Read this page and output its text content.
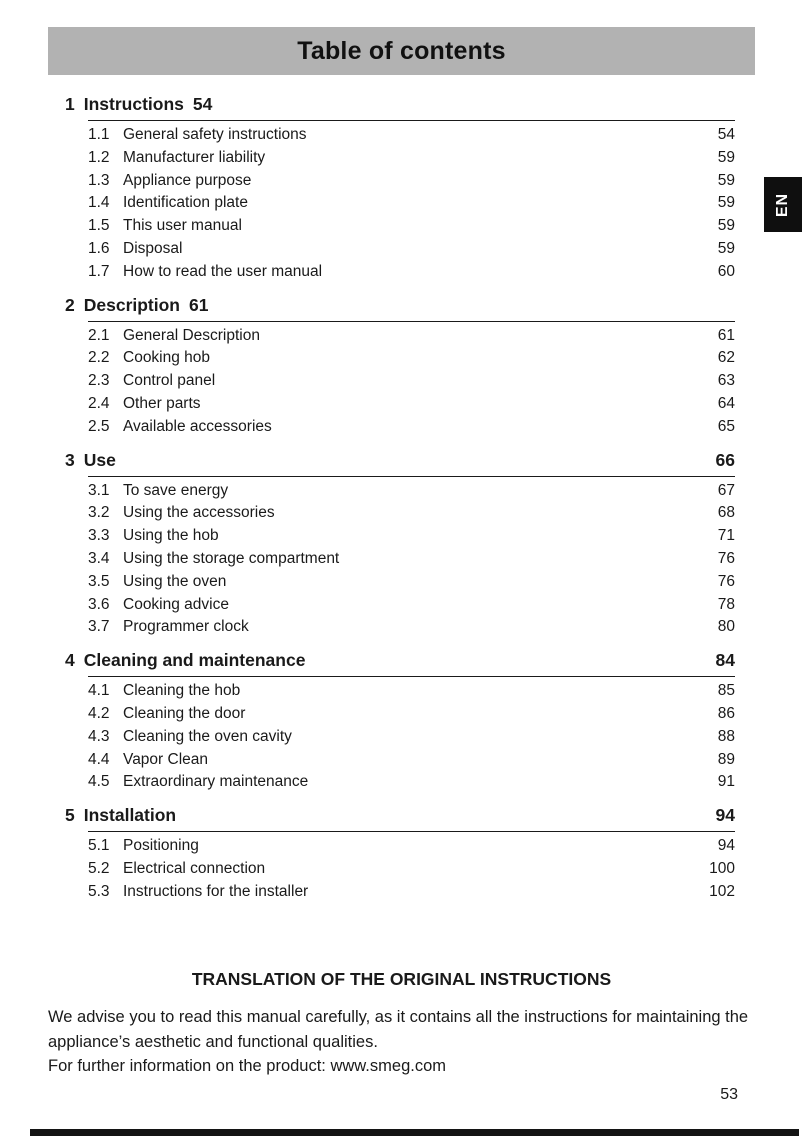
Table of contents
EN
1 Instructions 54
1.1 General safety instructions	54
1.2 Manufacturer liability	59
1.3 Appliance purpose	59
1.4 Identification plate	59
1.5 This user manual	59
1.6 Disposal	59
1.7 How to read the user manual	60
2 Description 61
2.1 General Description	61
2.2 Cooking hob	62
2.3 Control panel	63
2.4 Other parts	64
2.5 Available accessories	65
3 Use	66
3.1 To save energy	67
3.2 Using the accessories	68
3.3 Using the hob	71
3.4 Using the storage compartment	76
3.5 Using the oven	76
3.6 Cooking advice	78
3.7 Programmer clock	80
4 Cleaning and maintenance	84
4.1 Cleaning the hob	85
4.2 Cleaning the door	86
4.3 Cleaning the oven cavity	88
4.4 Vapor Clean	89
4.5 Extraordinary maintenance	91
5 Installation	94
5.1 Positioning	94
5.2 Electrical connection	100
5.3 Instructions for the installer	102
TRANSLATION OF THE ORIGINAL INSTRUCTIONS
We advise you to read this manual carefully, as it contains all the instructions for maintaining the appliance’s aesthetic and functional qualities.
For further information on the product: www.smeg.com
53
